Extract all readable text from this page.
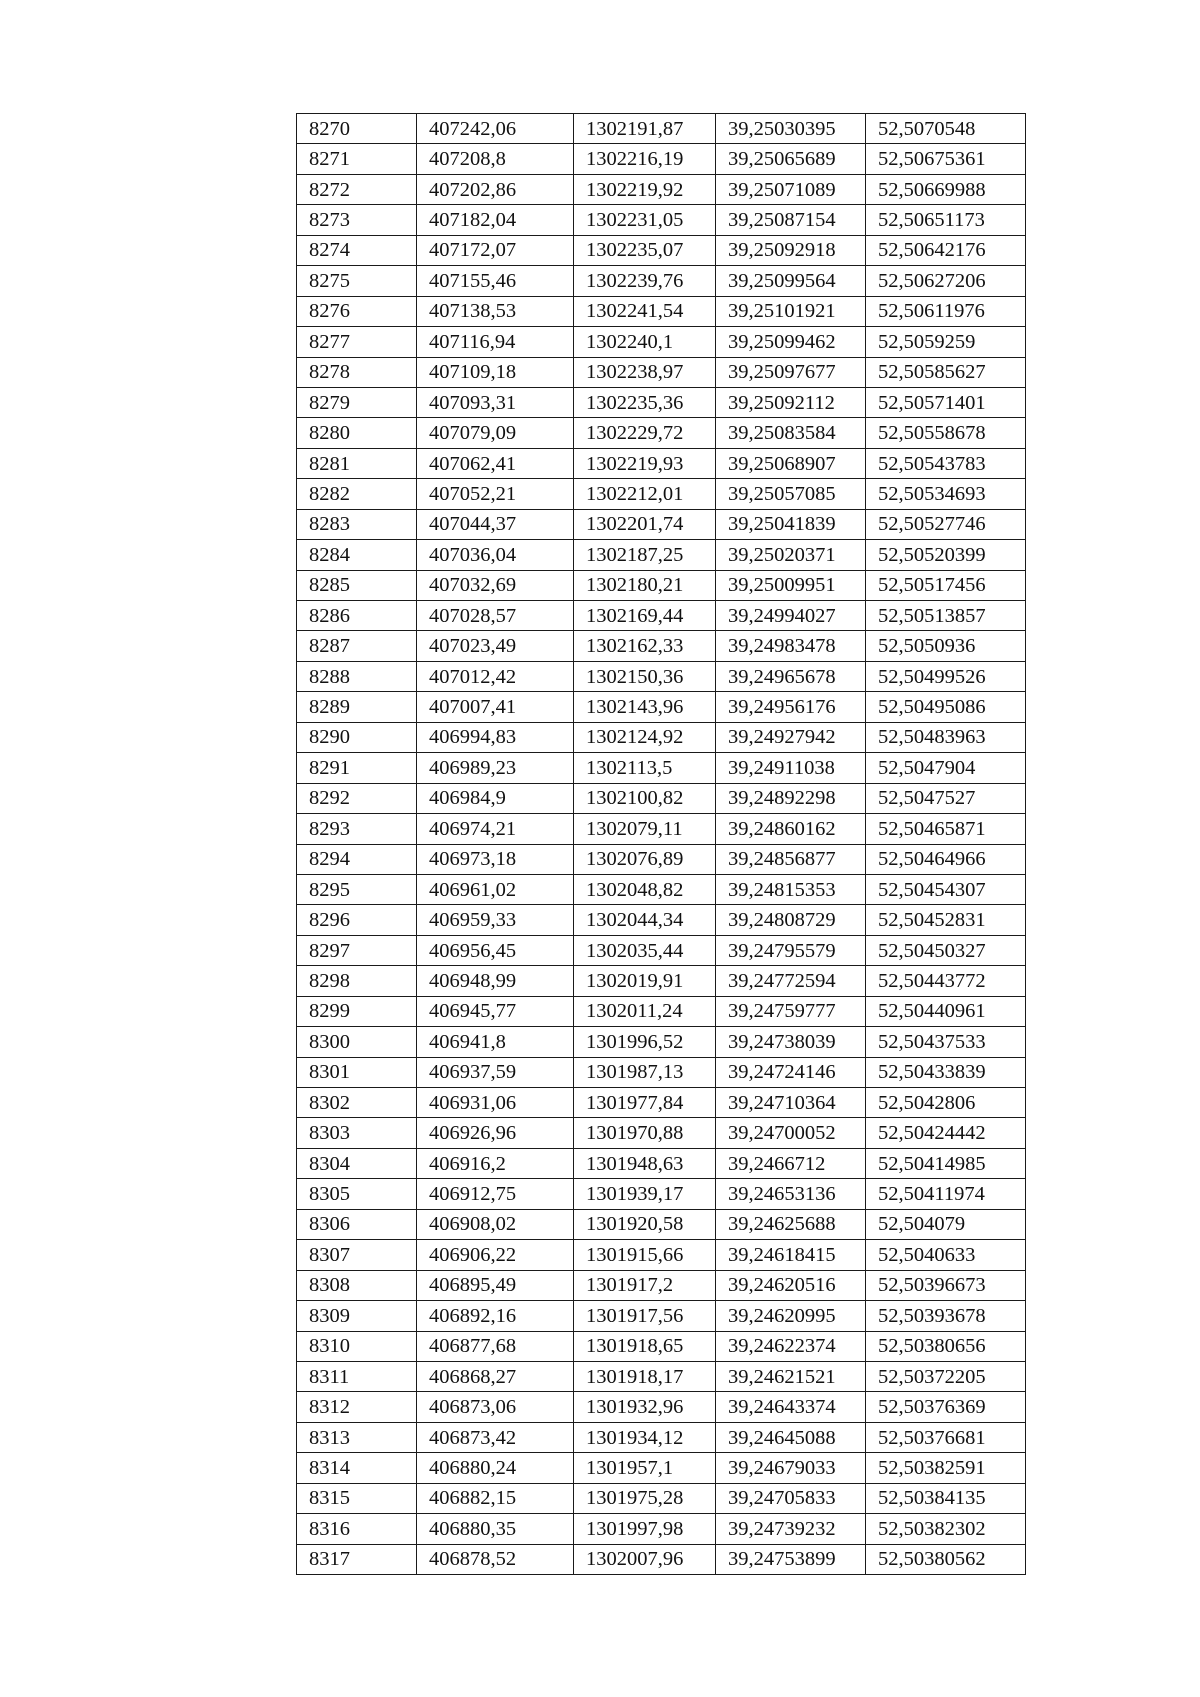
8270	407242,06	1302191,87	39,25030395	52,5070548
8271	407208,8	1302216,19	39,25065689	52,50675361
8272	407202,86	1302219,92	39,25071089	52,50669988
8273	407182,04	1302231,05	39,25087154	52,50651173
8274	407172,07	1302235,07	39,25092918	52,50642176
8275	407155,46	1302239,76	39,25099564	52,50627206
8276	407138,53	1302241,54	39,25101921	52,50611976
8277	407116,94	1302240,1	39,25099462	52,5059259
8278	407109,18	1302238,97	39,25097677	52,50585627
8279	407093,31	1302235,36	39,25092112	52,50571401
8280	407079,09	1302229,72	39,25083584	52,50558678
8281	407062,41	1302219,93	39,25068907	52,50543783
8282	407052,21	1302212,01	39,25057085	52,50534693
8283	407044,37	1302201,74	39,25041839	52,50527746
8284	407036,04	1302187,25	39,25020371	52,50520399
8285	407032,69	1302180,21	39,25009951	52,50517456
8286	407028,57	1302169,44	39,24994027	52,50513857
8287	407023,49	1302162,33	39,24983478	52,5050936
8288	407012,42	1302150,36	39,24965678	52,50499526
8289	407007,41	1302143,96	39,24956176	52,50495086
8290	406994,83	1302124,92	39,24927942	52,50483963
8291	406989,23	1302113,5	39,24911038	52,5047904
8292	406984,9	1302100,82	39,24892298	52,5047527
8293	406974,21	1302079,11	39,24860162	52,50465871
8294	406973,18	1302076,89	39,24856877	52,50464966
8295	406961,02	1302048,82	39,24815353	52,50454307
8296	406959,33	1302044,34	39,24808729	52,50452831
8297	406956,45	1302035,44	39,24795579	52,50450327
8298	406948,99	1302019,91	39,24772594	52,50443772
8299	406945,77	1302011,24	39,24759777	52,50440961
8300	406941,8	1301996,52	39,24738039	52,50437533
8301	406937,59	1301987,13	39,24724146	52,50433839
8302	406931,06	1301977,84	39,24710364	52,5042806
8303	406926,96	1301970,88	39,24700052	52,50424442
8304	406916,2	1301948,63	39,2466712	52,50414985
8305	406912,75	1301939,17	39,24653136	52,50411974
8306	406908,02	1301920,58	39,24625688	52,504079
8307	406906,22	1301915,66	39,24618415	52,5040633
8308	406895,49	1301917,2	39,24620516	52,50396673
8309	406892,16	1301917,56	39,24620995	52,50393678
8310	406877,68	1301918,65	39,24622374	52,50380656
8311	406868,27	1301918,17	39,24621521	52,50372205
8312	406873,06	1301932,96	39,24643374	52,50376369
8313	406873,42	1301934,12	39,24645088	52,50376681
8314	406880,24	1301957,1	39,24679033	52,50382591
8315	406882,15	1301975,28	39,24705833	52,50384135
8316	406880,35	1301997,98	39,24739232	52,50382302
8317	406878,52	1302007,96	39,24753899	52,50380562
